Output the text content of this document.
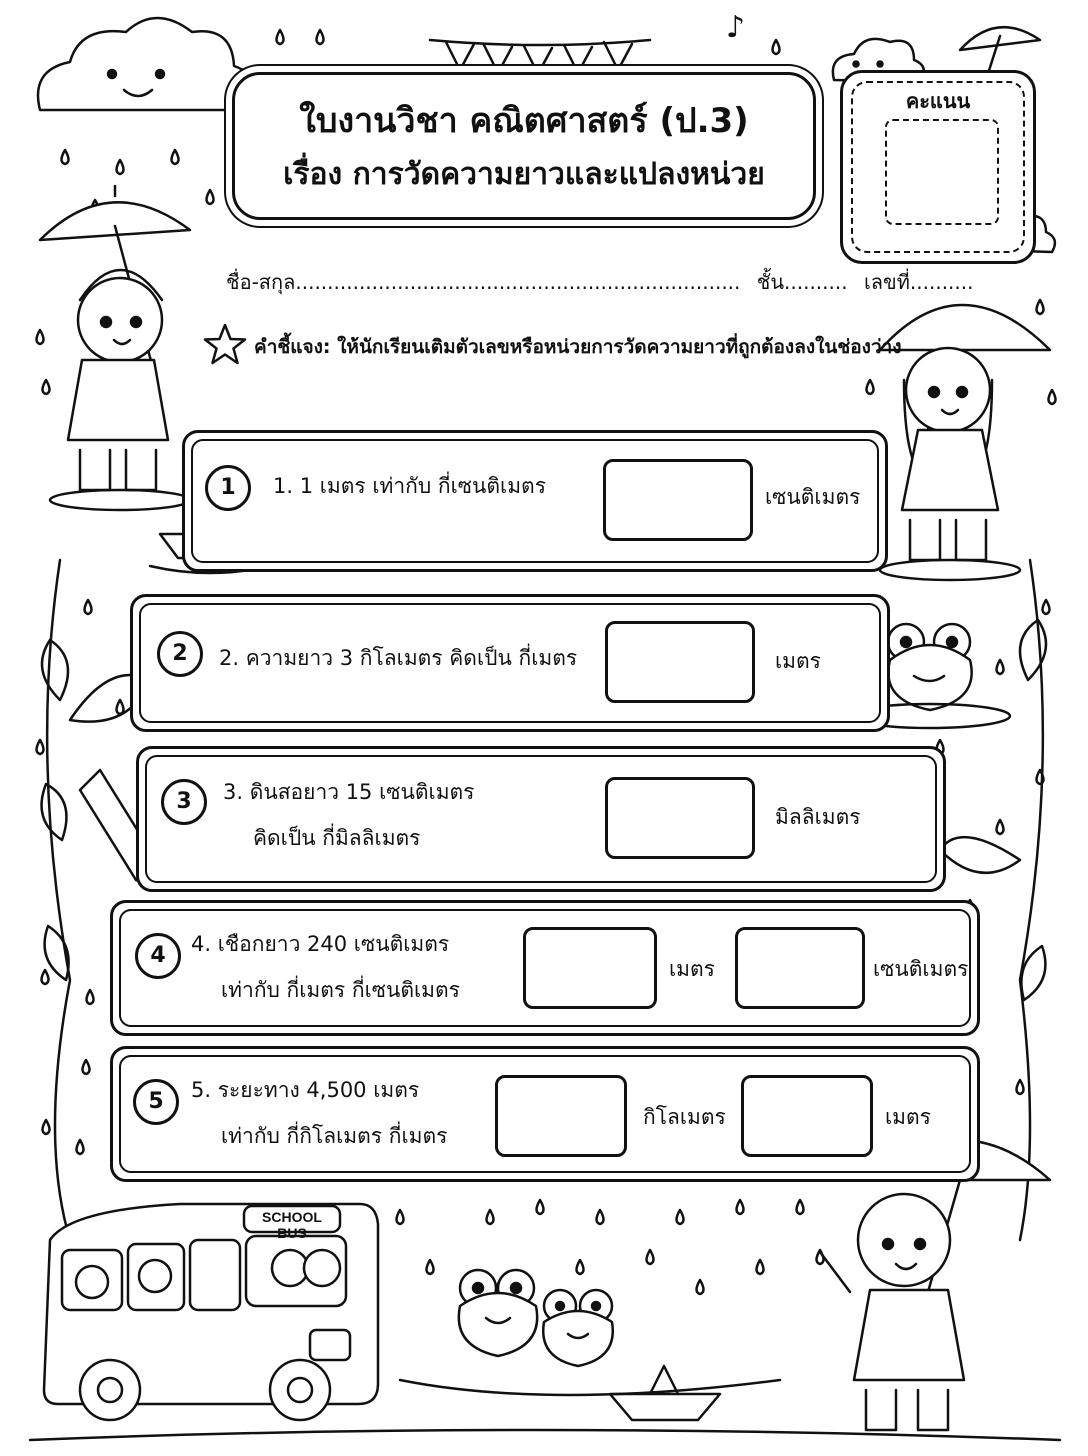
SCHOOL BUS
♪
ใบงานวิชา คณิตศาสตร์ (ป.3)
เรื่อง การวัดความยาวและแปลงหน่วย
คะแนน
ชื่อ-สกุล...................................................................... ชั้น.......... เลขที่..........
คำชี้แจง: ให้นักเรียนเติมตัวเลขหรือหน่วยการวัดความยาวที่ถูกต้องลงในช่องว่าง
1	1. 1 เมตร เท่ากับ กี่เซนติเมตร	เซนติเมตร
2	2. ความยาว 3 กิโลเมตร คิดเป็น กี่เมตร	เมตร
3	3. ดินสอยาว 15 เซนติเมตร
คิดเป็น กี่มิลลิเมตร
มิลลิเมตร
4	4. เชือกยาว 240 เซนติเมตร
เท่ากับ กี่เมตร กี่เซนติเมตร
เมตร	เซนติเมตร
5	5. ระยะทาง 4,500 เมตร
เท่ากับ กี่กิโลเมตร กี่เมตร
กิโลเมตร	เมตร
